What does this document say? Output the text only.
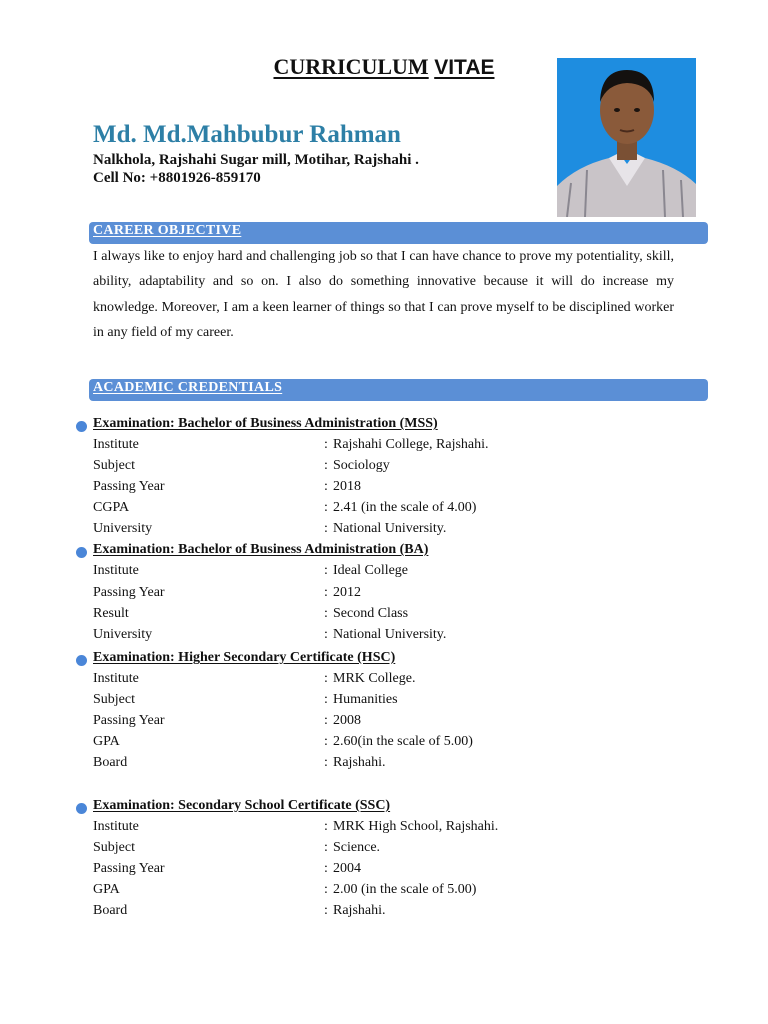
CURRICULUM VITAE
Md. Md.Mahbubur Rahman
Nalkhola, Rajshahi Sugar mill, Motihar, Rajshahi .
Cell No: +8801926-859170
CAREER OBJECTIVE
I always like to enjoy hard and challenging job so that I can have chance to prove my potentiality, skill, ability, adaptability and so on. I also do something innovative because it will do increase my knowledge. Moreover, I am a keen learner of things so that I can prove myself to be disciplined worker in any field of my career.
ACADEMIC CREDENTIALS
Examination: Bachelor of Business Administration (MSS)
Institute	: Rajshahi College, Rajshahi.
Subject	: Sociology
Passing Year	: 2018
CGPA	: 2.41 (in the scale of 4.00)
University	: National University.
Examination: Bachelor of Business Administration (BA)
Institute	: Ideal College
Passing Year	: 2012
Result	: Second Class
University	: National University.
Examination: Higher Secondary Certificate (HSC)
Institute	: MRK College.
Subject	: Humanities
Passing Year	: 2008
GPA	: 2.60(in the scale of 5.00)
Board	: Rajshahi.
Examination: Secondary School Certificate (SSC)
Institute	: MRK High School, Rajshahi.
Subject	: Science.
Passing Year	: 2004
GPA	: 2.00 (in the scale of 5.00)
Board	: Rajshahi.
